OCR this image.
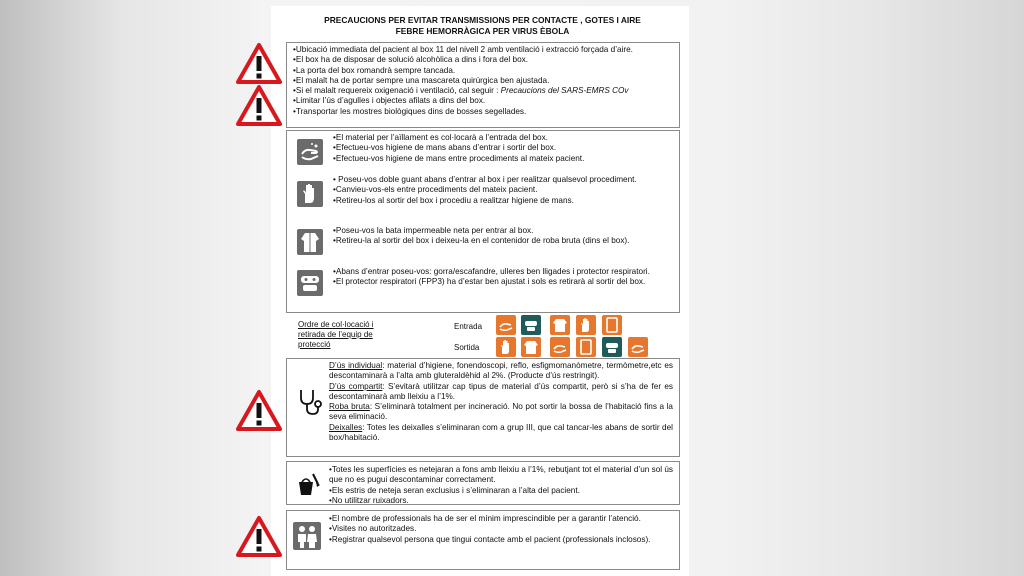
PRECAUCIONS PER EVITAR TRANSMISSIONS PER CONTACTE , GOTES I AIRE
FEBRE HEMORRÀGICA PER VIRUS ÈBOLA

•Ubicació immediata del pacient al box 11 del nivell 2 amb ventilació i extracció forçada d’aire.

•El box ha de disposar de solució alcohòlica a dins i fora del box.

•La porta del box romandrà sempre tancada.

•El malalt ha de portar sempre una mascareta quirúrgica ben ajustada.

•Si el malalt requereix oxigenació i ventilació, cal seguir : Precaucions del SARS-EMRS COv

•Limitar l’ús d’agulles i objectes afilats a dins del box.

•Transportar les mostres biològiques dins de bosses segellades.

•El material per l’aïllament es col·locarà a l’entrada del box.

•Efectueu-vos higiene de mans abans d’entrar i sortir del box.

•Efectueu-vos higiene de mans entre procediments al mateix pacient.

• Poseu-vos doble guant abans d’entrar al box i per realitzar qualsevol procediment.

•Canvieu-vos-els entre procediments del mateix pacient.

•Retireu-los al sortir del box i procediu a realitzar higiene de mans.

•Poseu-vos la bata impermeable neta per entrar al box.

•Retireu-la al sortir del box i deixeu-la en el contenidor de roba bruta (dins el box).

•Abans d’entrar poseu-vos: gorra/escafandre, ulleres ben lligades i protector respiratori.

•El protector respiratori (FPP3) ha d’estar ben ajustat i sols es retirarà al sortir del box.

Ordre de col·locació i retirada de l’equip de protecció
Entrada
Sortida

D’ús individual: material d’higiene, fonendoscopi, reflo, esfigmomanòmetre, termòmetre,etc es descontaminarà a l’alta amb gluteraldèhid al 2%. (Producte d’ús restringit).

D’ús compartit: S’evitarà utilitzar cap tipus de material d’ús compartit, però si s’ha de fer es descontaminarà amb lleixiu a l’1%.

Roba bruta: S’eliminarà totalment per incineració. No pot sortir la bossa de l’habitació fins a la seva eliminació.

Deixalles: Totes les deixalles s’eliminaran com a grup III, que cal tancar-les abans de sortir del box/habitació.

•Totes les superfícies es netejaran a fons amb lleixiu a l’1%, rebutjant tot el material d’un sol ús que no es pugui descontaminar correctament.

•Els estris de neteja seran exclusius i s’eliminaran a l’alta del pacient.

•No utilitzar ruixadors.

•El nombre de professionals ha de ser el mínim imprescindible per a garantir l’atenció.

•Visites no autoritzades.

•Registrar qualsevol persona que tingui contacte amb el pacient (professionals inclosos).
